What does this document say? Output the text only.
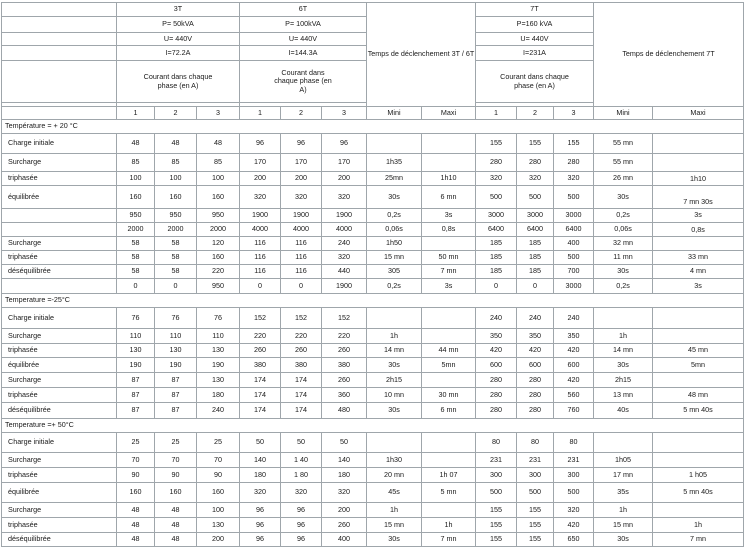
	3T			6T			Temps de déclenchement 3T / 6T		7T			Temps de déclenchement 7T	
	P= 50kVA			P= 100kVA					P=160 kVA				
	U= 440V			U= 440V					U= 440V				
	I=72.2A			I=144.3A					I=231A				
	Courant dans chaque phase (en A)			Courant dans chaque phase (en A)					Courant dans chaque phase (en A)				

	1	2	3	1	2	3	Mini	Maxi	1	2	3	Mini	Maxi
Température = + 20 °C													
Charge initiale	48	48	48	96	96	96			155	155	155	55 mn	
Surcharge	85	85	85	170	170	170	1h35		280	280	280	55 mn	
triphasée	100	100	100	200	200	200	25mn	1h10	320	320	320	26 mn	1h10
équilibrée	160	160	160	320	320	320	30s	6 mn	500	500	500	30s	7 mn 30s
	950	950	950	1900	1900	1900	0,2s	3s	3000	3000	3000	0,2s	3s
	2000	2000	2000	4000	4000	4000	0,06s	0,8s	6400	6400	6400	0,06s	0,8s
Surcharge	58	58	120	116	116	240	1h50		185	185	400	32 mn	
triphasée	58	58	160	116	116	320	15 mn	50 mn	185	185	500	11 mn	33 mn
déséquilibrée	58	58	220	116	116	440	305	7 mn	185	185	700	30s	4 mn
	0	0	950	0	0	1900	0,2s	3s	0	0	3000	0,2s	3s
Temperature =-25°C													
Charge initiale	76	76	76	152	152	152			240	240	240		
Surcharge	110	110	110	220	220	220	1h		350	350	350	1h	
triphasée	130	130	130	260	260	260	14 mn	44 mn	420	420	420	14 mn	45 mn
équilibrée	190	190	190	380	380	380	30s	5mn	600	600	600	30s	5mn
Surcharge	87	87	130	174	174	260	2h15		280	280	420	2h15	
triphasée	87	87	180	174	174	360	10 mn	30 mn	280	280	560	13 mn	48 mn
déséquilibrée	87	87	240	174	174	480	30s	6 mn	280	280	760	40s	5 mn 40s
Temperature =+ 50°C													
Charge initiale	25	25	25	50	50	50			80	80	80		
Surcharge	70	70	70	140	1 40	140	1h30		231	231	231	1h05	
triphasée	90	90	90	180	1 80	180	20 mn	1h 07	300	300	300	17 mn	1 h05
équilibrée	160	160	160	320	320	320	45s	5 mn	500	500	500	35s	5 mn 40s
Surcharge	48	48	100	96	96	200	1h		155	155	320	1h	
triphasée	48	48	130	96	96	260	15 mn	1h	155	155	420	15 mn	1h
déséquilibrée	48	48	200	96	96	400	30s	7 mn	155	155	650	30s	7 mn
